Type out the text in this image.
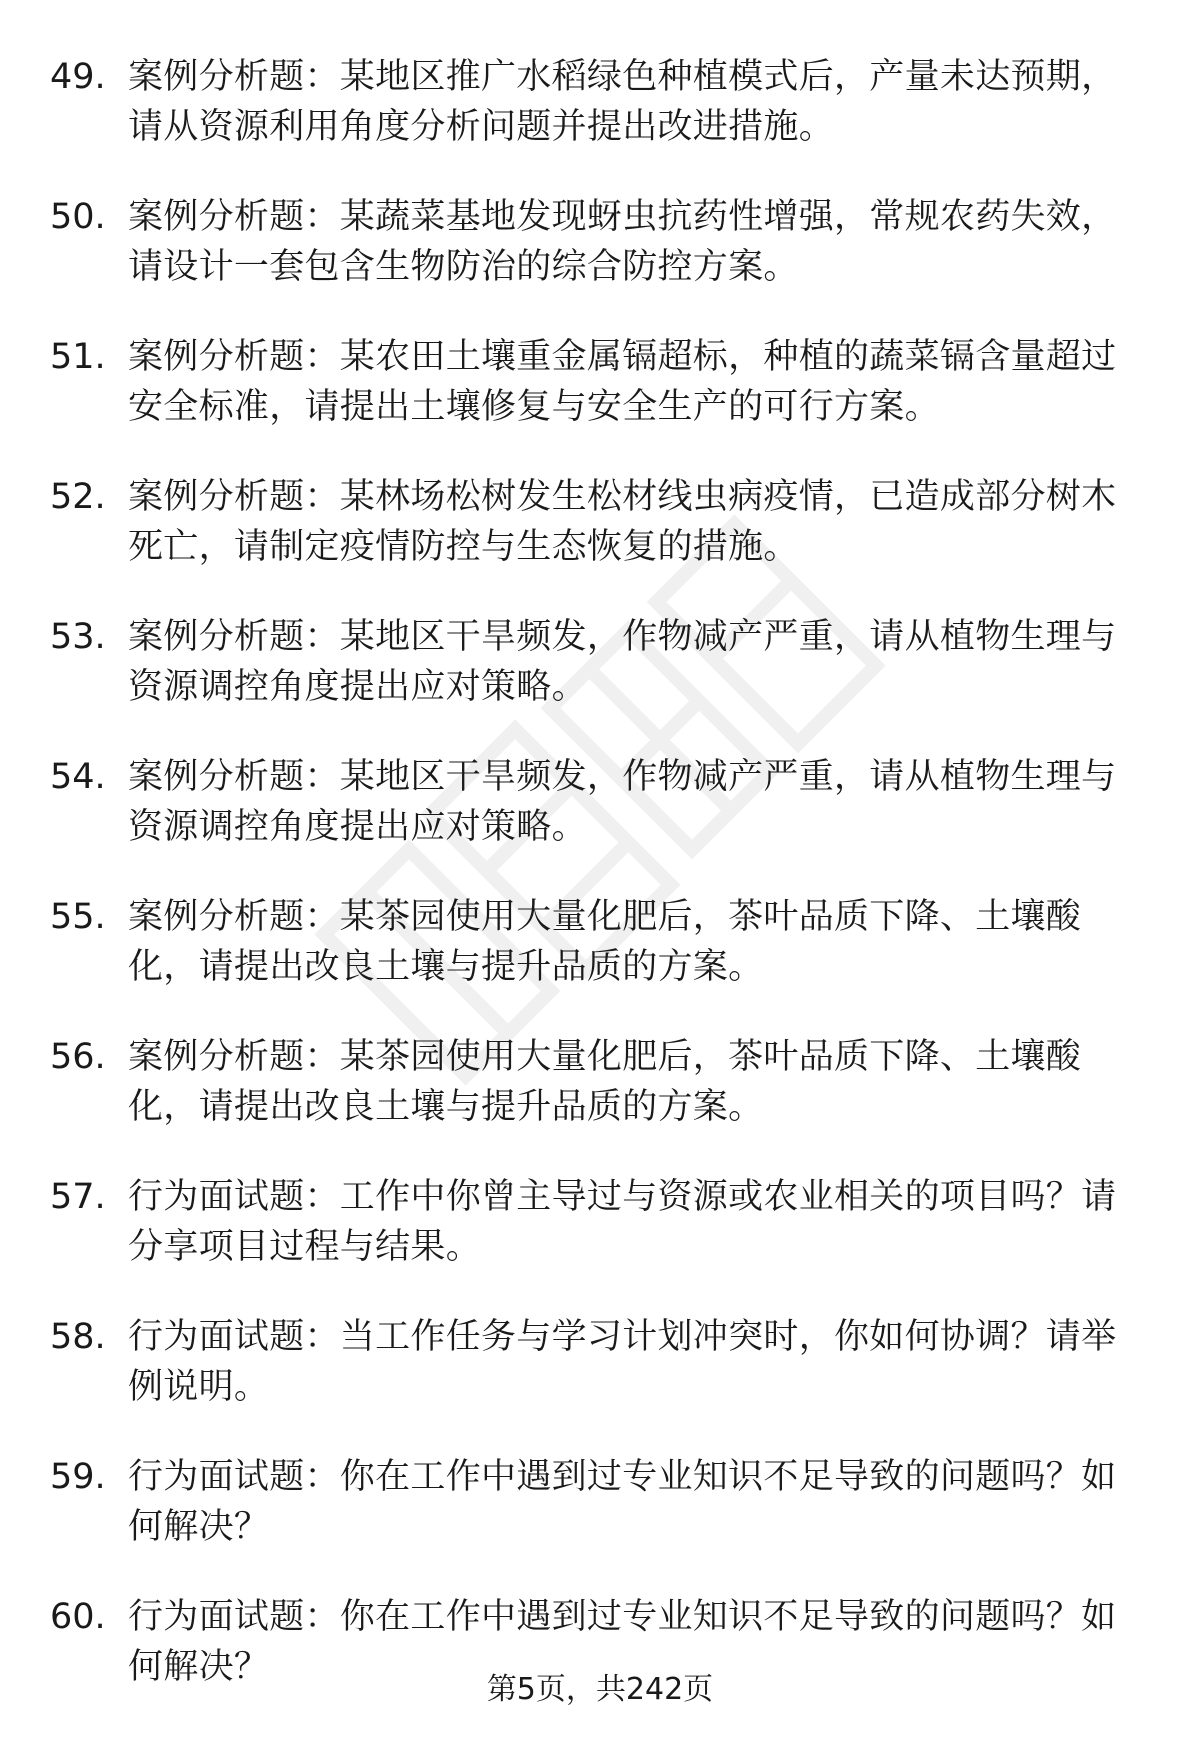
49. 案例分析题：某地区推广水稻绿色种植模式后，产量未达预期，请从资源利用角度分析问题并提出改进措施。
50. 案例分析题：某蔬菜基地发现蚜虫抗药性增强，常规农药失效，请设计一套包含生物防治的综合防控方案。
51. 案例分析题：某农田土壤重金属镉超标，种植的蔬菜镉含量超过安全标准，请提出土壤修复与安全生产的可行方案。
52. 案例分析题：某林场松树发生松材线虫病疫情，已造成部分树木死亡，请制定疫情防控与生态恢复的措施。
53. 案例分析题：某地区干旱频发，作物减产严重，请从植物生理与资源调控角度提出应对策略。
54. 案例分析题：某地区干旱频发，作物减产严重，请从植物生理与资源调控角度提出应对策略。
55. 案例分析题：某茶园使用大量化肥后，茶叶品质下降、土壤酸化，请提出改良土壤与提升品质的方案。
56. 案例分析题：某茶园使用大量化肥后，茶叶品质下降、土壤酸化，请提出改良土壤与提升品质的方案。
57. 行为面试题：工作中你曾主导过与资源或农业相关的项目吗？请分享项目过程与结果。
58. 行为面试题：当工作任务与学习计划冲突时，你如何协调？请举例说明。
59. 行为面试题：你在工作中遇到过专业知识不足导致的问题吗？如何解决？
60. 行为面试题：你在工作中遇到过专业知识不足导致的问题吗？如何解决？
第5页，共242页
